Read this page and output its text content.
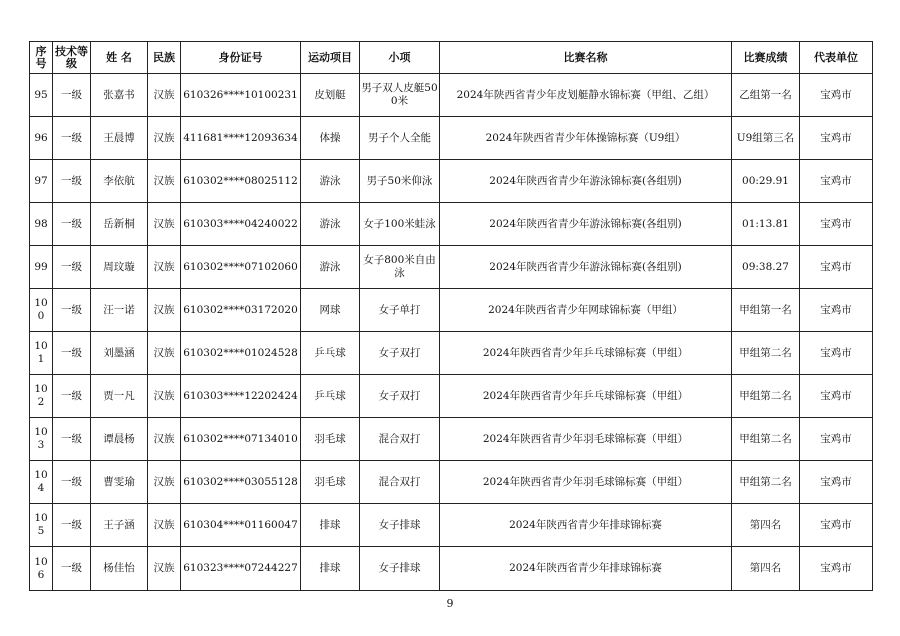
序号	技术等级	姓 名	民族	身份证号	运动项目	小项	比赛名称	比赛成绩	代表单位
95	一级	张嘉书	汉族	610326****10100231	皮划艇	男子双人皮艇500米	2024年陕西省青少年皮划艇静水锦标赛（甲组、乙组）	乙组第一名	宝鸡市
96	一级	王晨博	汉族	411681****12093634	体操	男子个人全能	2024年陕西省青少年体操锦标赛（U9组）	U9组第三名	宝鸡市
97	一级	李依航	汉族	610302****08025112	游泳	男子50米仰泳	2024年陕西省青少年游泳锦标赛(各组别)	00:29.91	宝鸡市
98	一级	岳新桐	汉族	610303****04240022	游泳	女子100米蛙泳	2024年陕西省青少年游泳锦标赛(各组别)	01:13.81	宝鸡市
99	一级	周玟璇	汉族	610302****07102060	游泳	女子800米自由泳	2024年陕西省青少年游泳锦标赛(各组别)	09:38.27	宝鸡市
100	一级	汪一诺	汉族	610302****03172020	网球	女子单打	2024年陕西省青少年网球锦标赛（甲组）	甲组第一名	宝鸡市
101	一级	刘墨涵	汉族	610302****01024528	乒乓球	女子双打	2024年陕西省青少年乒乓球锦标赛（甲组）	甲组第二名	宝鸡市
102	一级	贾一凡	汉族	610303****12202424	乒乓球	女子双打	2024年陕西省青少年乒乓球锦标赛（甲组）	甲组第二名	宝鸡市
103	一级	谭晨杨	汉族	610302****07134010	羽毛球	混合双打	2024年陕西省青少年羽毛球锦标赛（甲组）	甲组第二名	宝鸡市
104	一级	曹雯瑜	汉族	610302****03055128	羽毛球	混合双打	2024年陕西省青少年羽毛球锦标赛（甲组）	甲组第二名	宝鸡市
105	一级	王子涵	汉族	610304****01160047	排球	女子排球	2024年陕西省青少年排球锦标赛	第四名	宝鸡市
106	一级	杨佳怡	汉族	610323****07244227	排球	女子排球	2024年陕西省青少年排球锦标赛	第四名	宝鸡市
9
